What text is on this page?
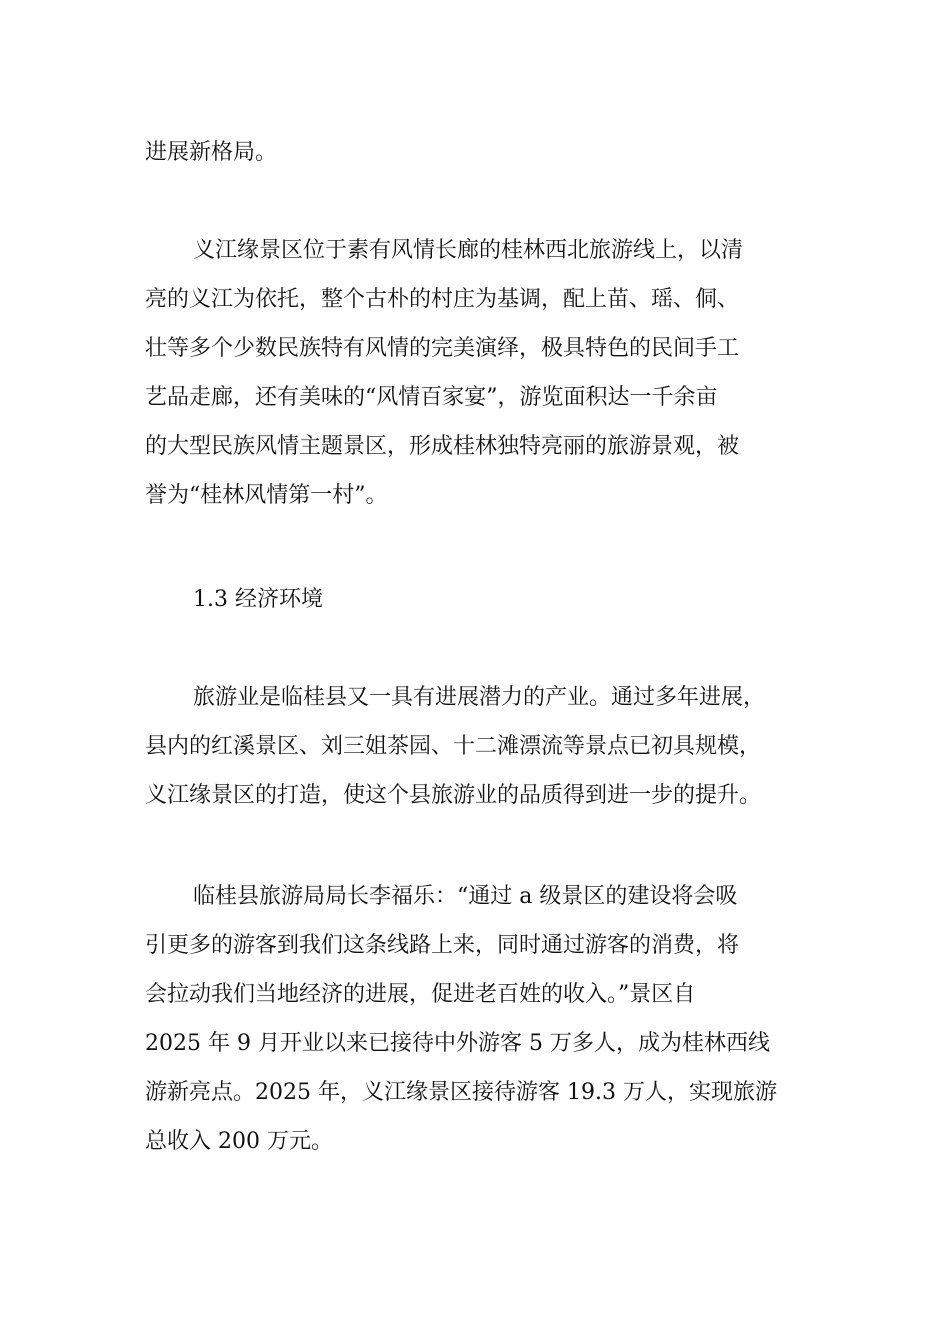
进展新格局。
义江缘景区位于素有风情长廊的桂林西北旅游线上，以清
亮的义江为依托，整个古朴的村庄为基调，配上苗、瑶、侗、
壮等多个少数民族特有风情的完美演绎，极具特色的民间手工
艺品走廊，还有美味的“风情百家宴”，游览面积达一千余亩
的大型民族风情主题景区，形成桂林独特亮丽的旅游景观，被
誉为“桂林风情第一村”。
1.3 经济环境
旅游业是临桂县又一具有进展潜力的产业。通过多年进展，
县内的红溪景区、刘三姐茶园、十二滩漂流等景点已初具规模，
义江缘景区的打造，使这个县旅游业的品质得到进一步的提升。
临桂县旅游局局长李福乐：“通过 a 级景区的建设将会吸
引更多的游客到我们这条线路上来，同时通过游客的消费，将
会拉动我们当地经济的进展，促进老百姓的收入。”景区自
2025 年 9 月开业以来已接待中外游客 5 万多人，成为桂林西线
游新亮点。2025 年，义江缘景区接待游客 19.3 万人，实现旅游
总收入 200 万元。
